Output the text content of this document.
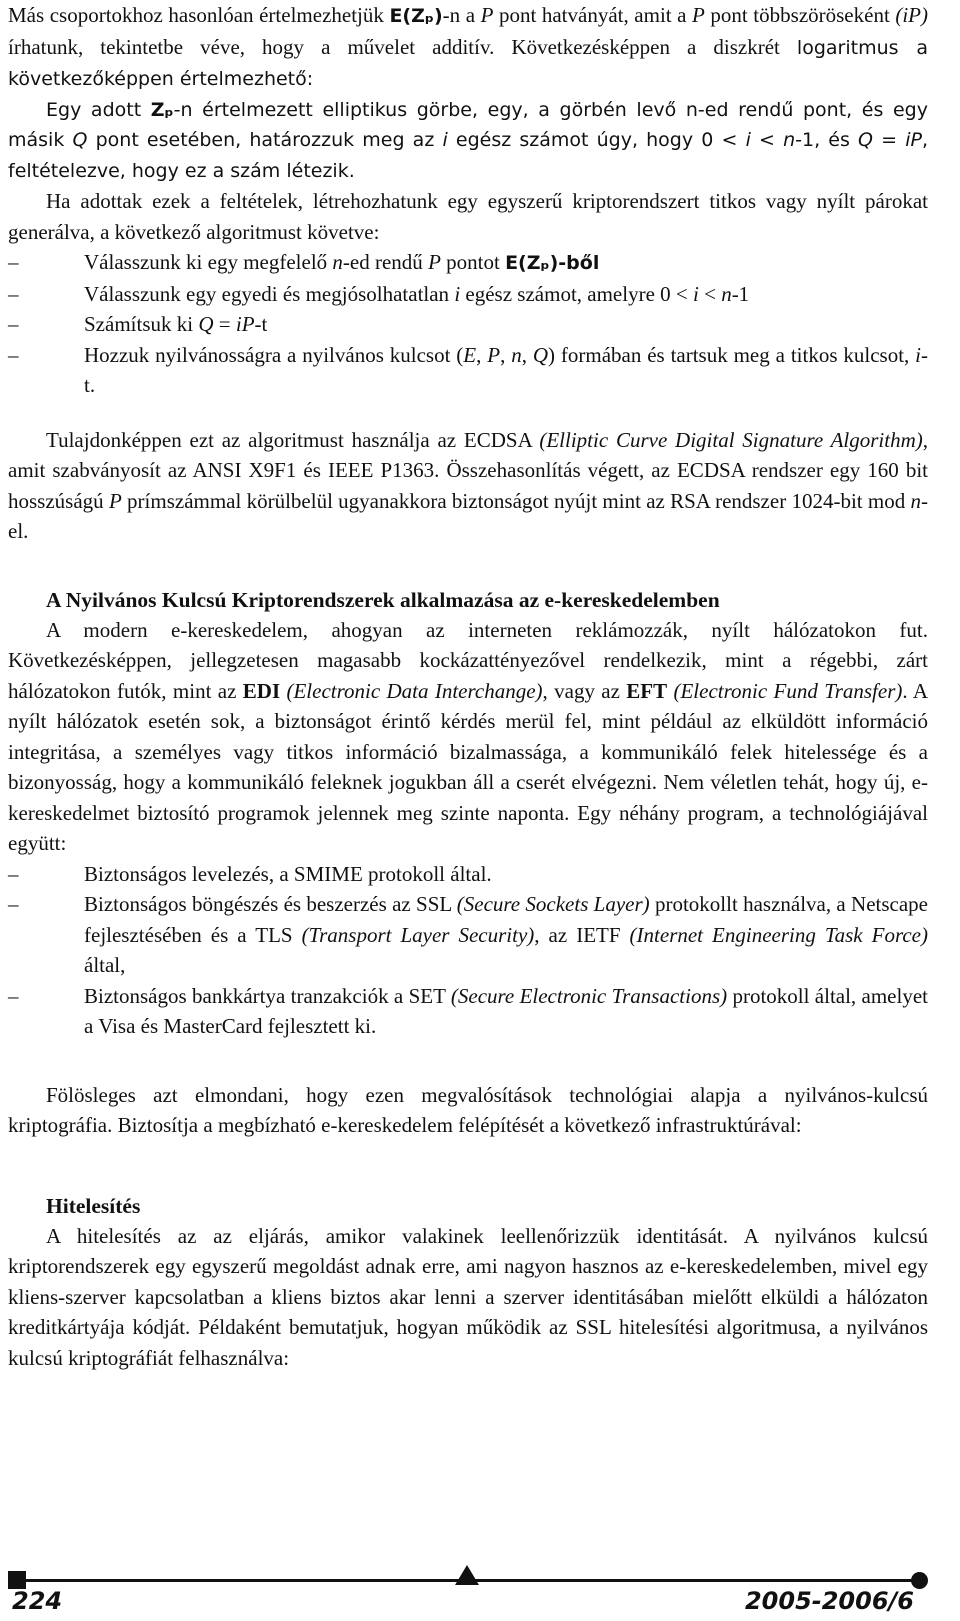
Más csoportokhoz hasonlóan értelmezhetjük E(Zₚ)-n a P pont hatványát, amit a P pont többszöröseként (iP) írhatunk, tekintetbe véve, hogy a művelet additív. Következésképpen a diszkrét logaritmus a következőképpen értelmezhető:

Egy adott Zₚ-n értelmezett elliptikus görbe, egy, a görbén levő n-ed rendű pont, és egy másik Q pont esetében, határozzuk meg az i egész számot úgy, hogy 0 < i < n-1, és Q = iP, feltételezve, hogy ez a szám létezik.

Ha adottak ezek a feltételek, létrehozhatunk egy egyszerű kriptorendszert titkos vagy nyílt párokat generálva, a következő algoritmust követve:

–	Válasszunk ki egy megfelelő n-ed rendű P pontot E(Zₚ)-ből
–	Válasszunk egy egyedi és megjósolhatatlan i egész számot, amelyre 0 < i < n-1
–	Számítsuk ki Q = iP-t
–	Hozzuk nyilvánosságra a nyilvános kulcsot (E, P, n, Q) formában és tartsuk meg a titkos kulcsot, i-t.

Tulajdonképpen ezt az algoritmust használja az ECDSA (Elliptic Curve Digital Signature Algorithm), amit szabványosít az ANSI X9F1 és IEEE P1363. Összehasonlítás végett, az ECDSA rendszer egy 160 bit hosszúságú P prímszámmal körülbelül ugyanakkora biztonságot nyújt mint az RSA rendszer 1024-bit mod n-el.

A Nyilvános Kulcsú Kriptorendszerek alkalmazása az e-kereskedelemben

A modern e-kereskedelem, ahogyan az interneten reklámozzák, nyílt hálózatokon fut. Következésképpen, jellegzetesen magasabb kockázattényezővel rendelkezik, mint a régebbi, zárt hálózatokon futók, mint az EDI (Electronic Data Interchange), vagy az EFT (Electronic Fund Transfer). A nyílt hálózatok esetén sok, a biztonságot érintő kérdés merül fel, mint például az elküldött információ integritása, a személyes vagy titkos információ bizalmassága, a kommunikáló felek hitelessége és a bizonyosság, hogy a kommunikáló feleknek jogukban áll a cserét elvégezni. Nem véletlen tehát, hogy új, e-kereskedelmet biztosító programok jelennek meg szinte naponta. Egy néhány program, a technológiájával együtt:

–	Biztonságos levelezés, a SMIME protokoll által.
–	Biztonságos böngészés és beszerzés az SSL (Secure Sockets Layer) protokollt használva, a Netscape fejlesztésében és a TLS (Transport Layer Security), az IETF (Internet Engineering Task Force) által,
–	Biztonságos bankkártya tranzakciók a SET (Secure Electronic Transactions) protokoll által, amelyet a Visa és MasterCard fejlesztett ki.

Fölösleges azt elmondani, hogy ezen megvalósítások technológiai alapja a nyilvános-kulcsú kriptográfia. Biztosítja a megbízható e-kereskedelem felépítését a következő infrastruktúrával:

Hitelesítés

A hitelesítés az az eljárás, amikor valakinek leellenőrizzük identitását. A nyilvános kulcsú kriptorendszerek egy egyszerű megoldást adnak erre, ami nagyon hasznos az e-kereskedelemben, mivel egy kliens-szerver kapcsolatban a kliens biztos akar lenni a szerver identitásában mielőtt elküldi a hálózaton kreditkártyája kódját. Példaként bemutatjuk, hogyan működik az SSL hitelesítési algoritmusa, a nyilvános kulcsú kriptográfiát felhasználva:

224	2005-2006/6
